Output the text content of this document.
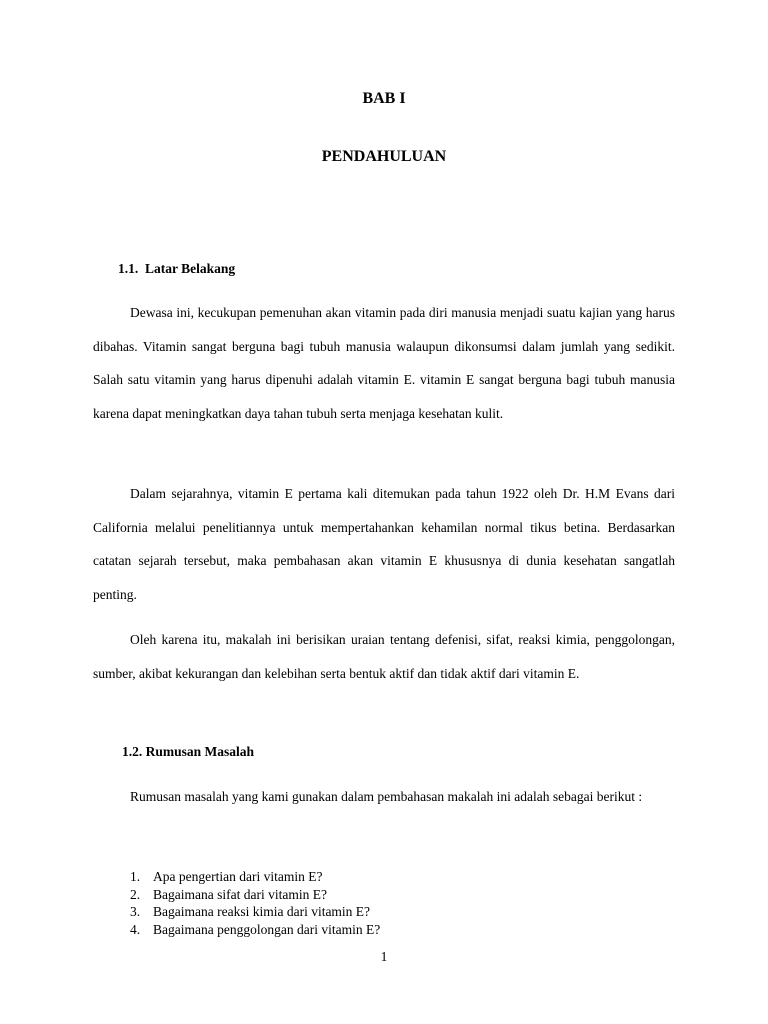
BAB I
PENDAHULUAN
1.1.  Latar Belakang

Dewasa ini, kecukupan pemenuhan akan vitamin pada diri manusia menjadi suatu kajian yang harus dibahas. Vitamin sangat berguna bagi tubuh manusia walaupun dikonsumsi dalam jumlah yang sedikit. Salah satu vitamin yang harus dipenuhi adalah vitamin E. vitamin E sangat berguna bagi tubuh manusia karena dapat meningkatkan daya tahan tubuh serta menjaga kesehatan kulit.

Dalam sejarahnya, vitamin E pertama kali ditemukan pada tahun 1922 oleh Dr. H.M Evans dari California melalui penelitiannya untuk mempertahankan kehamilan normal tikus betina. Berdasarkan catatan sejarah tersebut, maka pembahasan akan vitamin E khususnya di dunia kesehatan sangatlah penting.

Oleh karena itu, makalah ini berisikan uraian tentang defenisi, sifat, reaksi kimia, penggolongan, sumber, akibat kekurangan dan kelebihan serta bentuk aktif dan tidak aktif dari vitamin E.

1.2. Rumusan Masalah

Rumusan masalah yang kami gunakan dalam pembahasan makalah ini adalah sebagai berikut :

1. Apa pengertian dari vitamin E?
2. Bagaimana sifat dari vitamin E?
3. Bagaimana reaksi kimia dari vitamin E?
4. Bagaimana penggolongan dari vitamin E?

1
